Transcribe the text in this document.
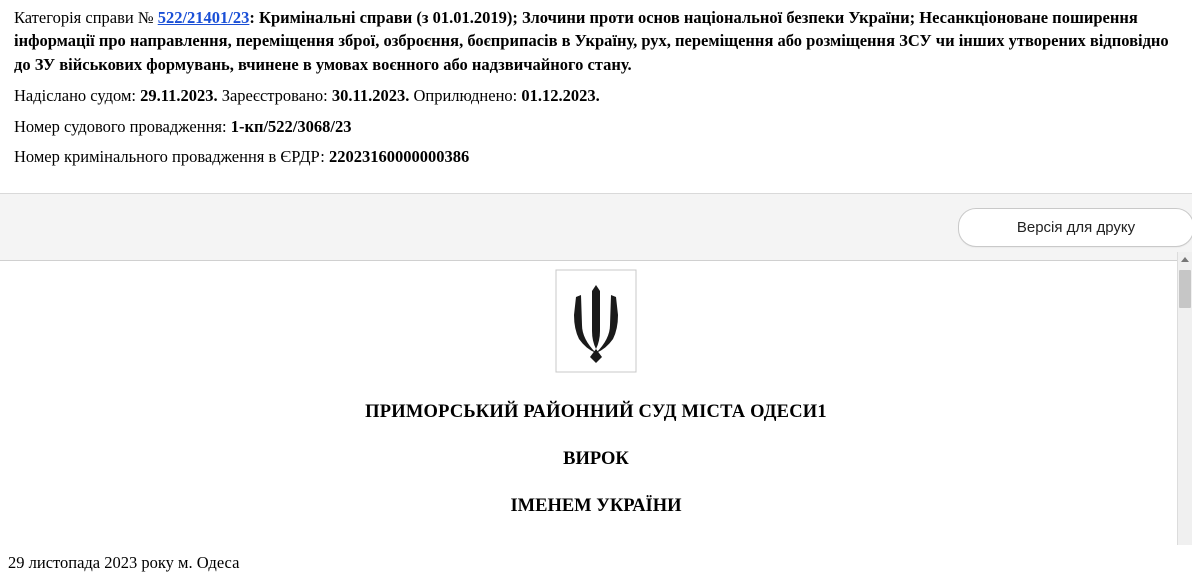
Категорія справи № 522/21401/23: Кримінальні справи (з 01.01.2019); Злочини проти основ національної безпеки України; Несанкціоноване поширення інформації про направлення, переміщення зброї, озброєння, боєприпасів в Україну, рух, переміщення або розміщення ЗСУ чи інших утворених відповідно до ЗУ військових формувань, вчинене в умовах воєнного або надзвичайного стану.

Надіслано судом: 29.11.2023. Зареєстровано: 30.11.2023. Оприлюднено: 01.12.2023.

Номер судового провадження: 1-кп/522/3068/23

Номер кримінального провадження в ЄРДР: 22023160000000386

Версія для друку
ПРИМОРСЬКИЙ РАЙОННИЙ СУД МІСТА ОДЕСИ1
ВИРОК
ІМЕНЕМ УКРАЇНИ
29 листопада 2023 року м. Одеса
